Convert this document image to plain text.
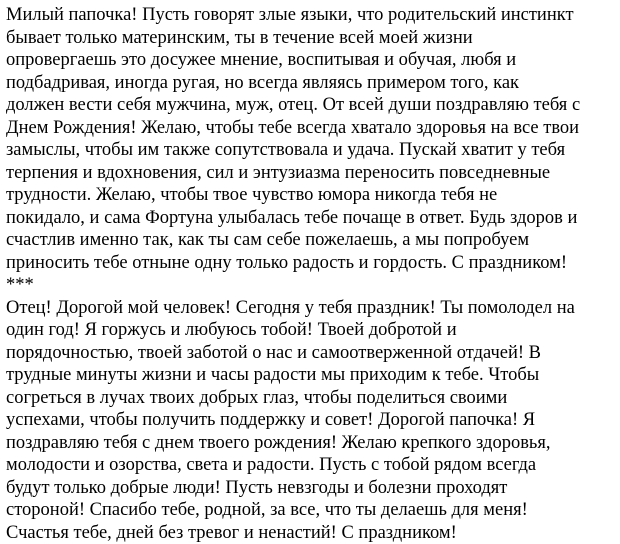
Милый папочка! Пусть говорят злые языки, что родительский инстинкт
бывает только материнским, ты в течение всей моей жизни
опровергаешь это досужее мнение, воспитывая и обучая, любя и
подбадривая, иногда ругая, но всегда являясь примером того, как
должен вести себя мужчина, муж, отец. От всей души поздравляю тебя с
Днем Рождения! Желаю, чтобы тебе всегда хватало здоровья на все твои
замыслы, чтобы им также сопутствовала и удача. Пускай хватит у тебя
терпения и вдохновения, сил и энтузиазма переносить повседневные
трудности. Желаю, чтобы твое чувство юмора никогда тебя не
покидало, и сама Фортуна улыбалась тебе почаще в ответ. Будь здоров и
счастлив именно так, как ты сам себе пожелаешь, а мы попробуем
приносить тебе отныне одну только радость и гордость. С праздником!
***
Отец! Дорогой мой человек! Сегодня у тебя праздник! Ты помолодел на
один год! Я горжусь и любуюсь тобой! Твоей добротой и
порядочностью, твоей заботой о нас и самоотверженной отдачей! В
трудные минуты жизни и часы радости мы приходим к тебе. Чтобы
согреться в лучах твоих добрых глаз, чтобы поделиться своими
успехами, чтобы получить поддержку и совет! Дорогой папочка! Я
поздравляю тебя с днем твоего рождения! Желаю крепкого здоровья,
молодости и озорства, света и радости. Пусть с тобой рядом всегда
будут только добрые люди! Пусть невзгоды и болезни проходят
стороной! Спасибо тебе, родной, за все, что ты делаешь для меня!
Счастья тебе, дней без тревог и ненастий! С праздником!
